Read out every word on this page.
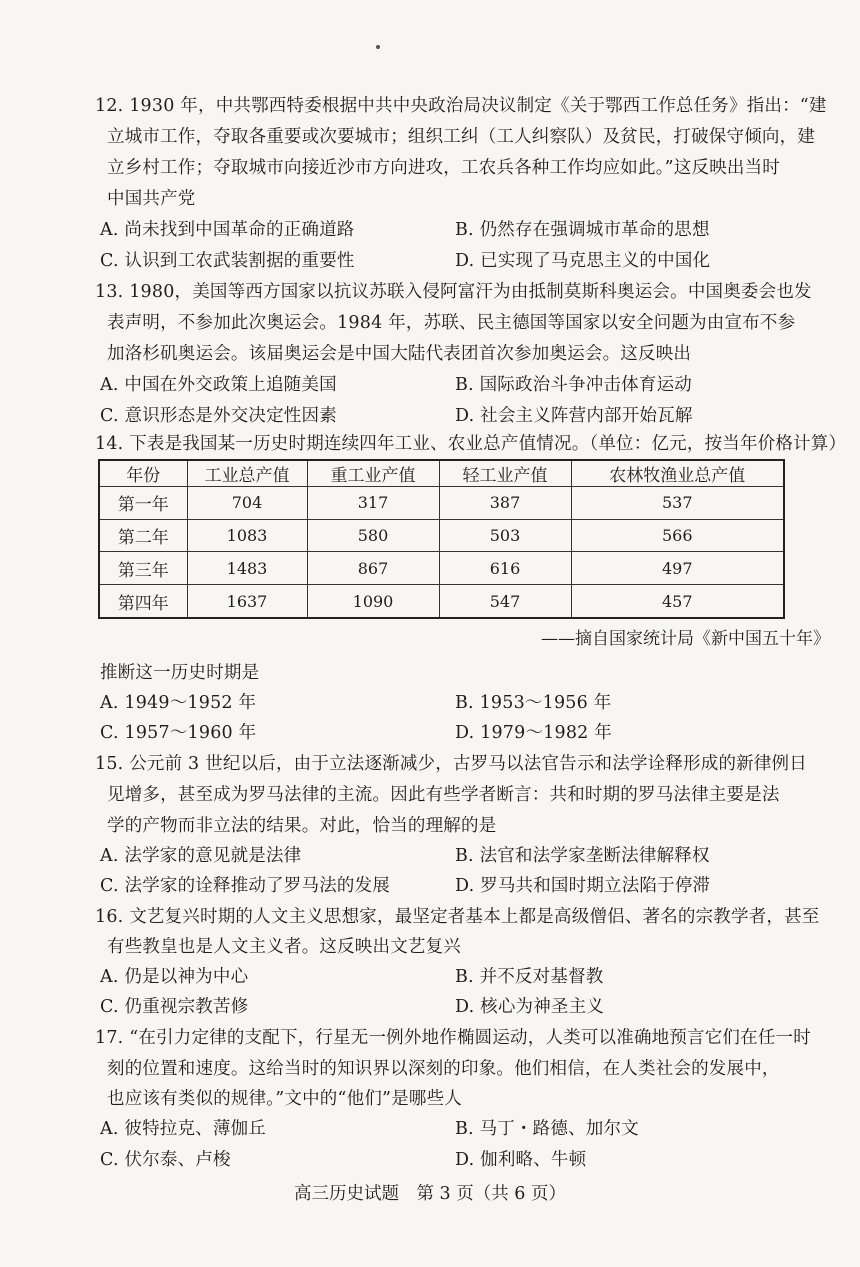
12. 1930 年，中共鄂西特委根据中共中央政治局决议制定《关于鄂西工作总任务》指出：“建
立城市工作，夺取各重要或次要城市；组织工纠（工人纠察队）及贫民，打破保守倾向，建
立乡村工作；夺取城市向接近沙市方向进攻，工农兵各种工作均应如此。”这反映出当时
中国共产党
A. 尚未找到中国革命的正确道路	B. 仍然存在强调城市革命的思想
C. 认识到工农武装割据的重要性	D. 已实现了马克思主义的中国化
13. 1980，美国等西方国家以抗议苏联入侵阿富汗为由抵制莫斯科奥运会。中国奥委会也发
表声明，不参加此次奥运会。1984 年，苏联、民主德国等国家以安全问题为由宣布不参
加洛杉矶奥运会。该届奥运会是中国大陆代表团首次参加奥运会。这反映出
A. 中国在外交政策上追随美国	B. 国际政治斗争冲击体育运动
C. 意识形态是外交决定性因素	D. 社会主义阵营内部开始瓦解
14. 下表是我国某一历史时期连续四年工业、农业总产值情况。（单位：亿元，按当年价格计算）
年份	工业总产值	重工业产值	轻工业产值	农林牧渔业总产值
第一年	704	317	387	537
第二年	1083	580	503	566
第三年	1483	867	616	497
第四年	1637	1090	547	457
——摘自国家统计局《新中国五十年》
推断这一历史时期是
A. 1949～1952 年	B. 1953～1956 年
C. 1957～1960 年	D. 1979～1982 年
15. 公元前 3 世纪以后，由于立法逐渐减少，古罗马以法官告示和法学诠释形成的新律例日
见增多，甚至成为罗马法律的主流。因此有些学者断言：共和时期的罗马法律主要是法
学的产物而非立法的结果。对此，恰当的理解的是
A. 法学家的意见就是法律	B. 法官和法学家垄断法律解释权
C. 法学家的诠释推动了罗马法的发展	D. 罗马共和国时期立法陷于停滞
16. 文艺复兴时期的人文主义思想家，最坚定者基本上都是高级僧侣、著名的宗教学者，甚至
有些教皇也是人文主义者。这反映出文艺复兴
A. 仍是以神为中心	B. 并不反对基督教
C. 仍重视宗教苦修	D. 核心为神圣主义
17. “在引力定律的支配下，行星无一例外地作椭圆运动，人类可以准确地预言它们在任一时
刻的位置和速度。这给当时的知识界以深刻的印象。他们相信，在人类社会的发展中，
也应该有类似的规律。”文中的“他们”是哪些人
A. 彼特拉克、薄伽丘	B. 马丁・路德、加尔文
C. 伏尔泰、卢梭	D. 伽利略、牛顿
高三历史试题　第 3 页（共 6 页）
